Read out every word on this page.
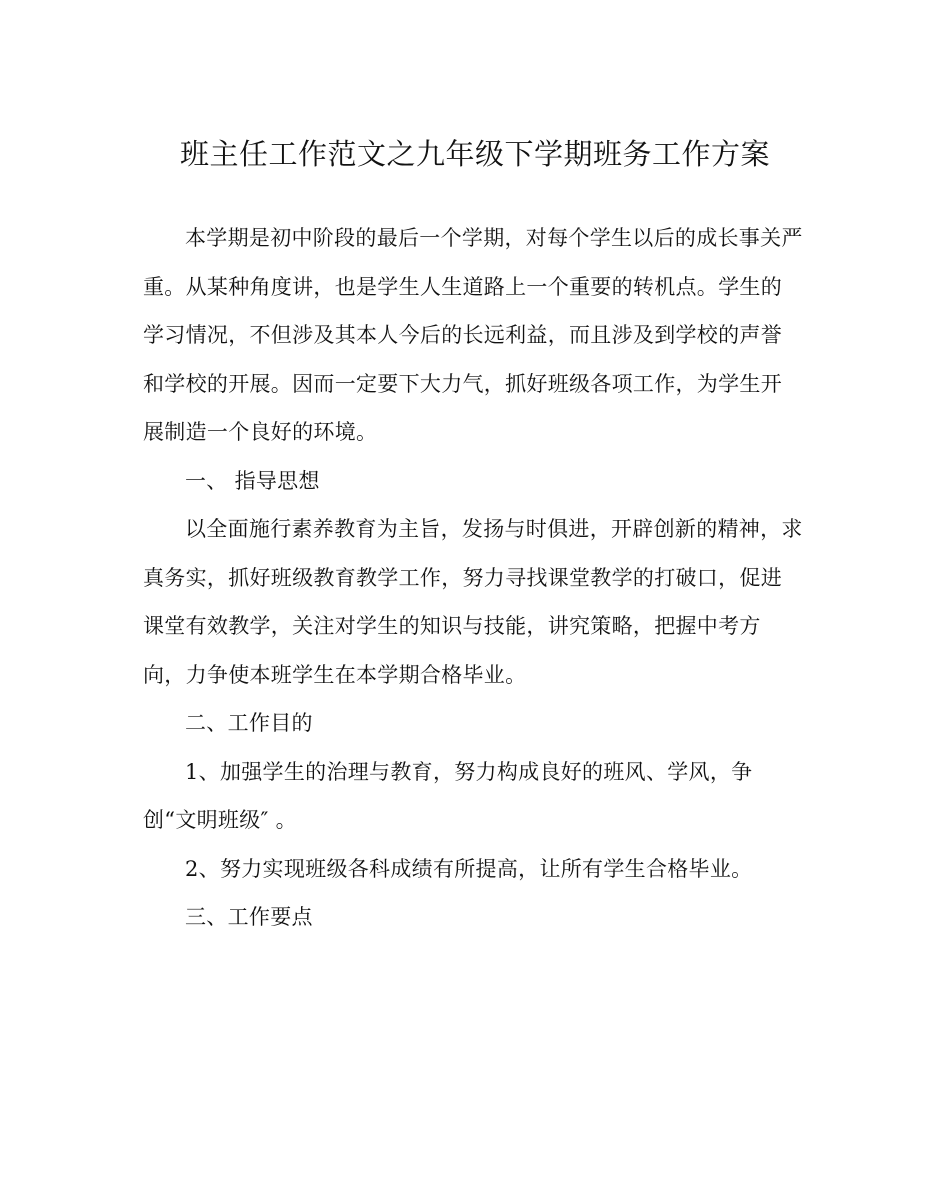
班主任工作范文之九年级下学期班务工作方案

本学期是初中阶段的最后一个学期，对每个学生以后的成长事关严重。从某种角度讲，也是学生人生道路上一个重要的转机点。学生的学习情况，不但涉及其本人今后的长远利益，而且涉及到学校的声誉和学校的开展。因而一定要下大力气，抓好班级各项工作，为学生开展制造一个良好的环境。

一、 指导思想

以全面施行素养教育为主旨，发扬与时俱进，开辟创新的精神，求真务实，抓好班级教育教学工作，努力寻找课堂教学的打破口，促进课堂有效教学，关注对学生的知识与技能，讲究策略，把握中考方向，力争使本班学生在本学期合格毕业。

二、工作目的

1、加强学生的治理与教育，努力构成良好的班风、学风，争创“文明班级″ 。

2、努力实现班级各科成绩有所提高，让所有学生合格毕业。

三、工作要点
